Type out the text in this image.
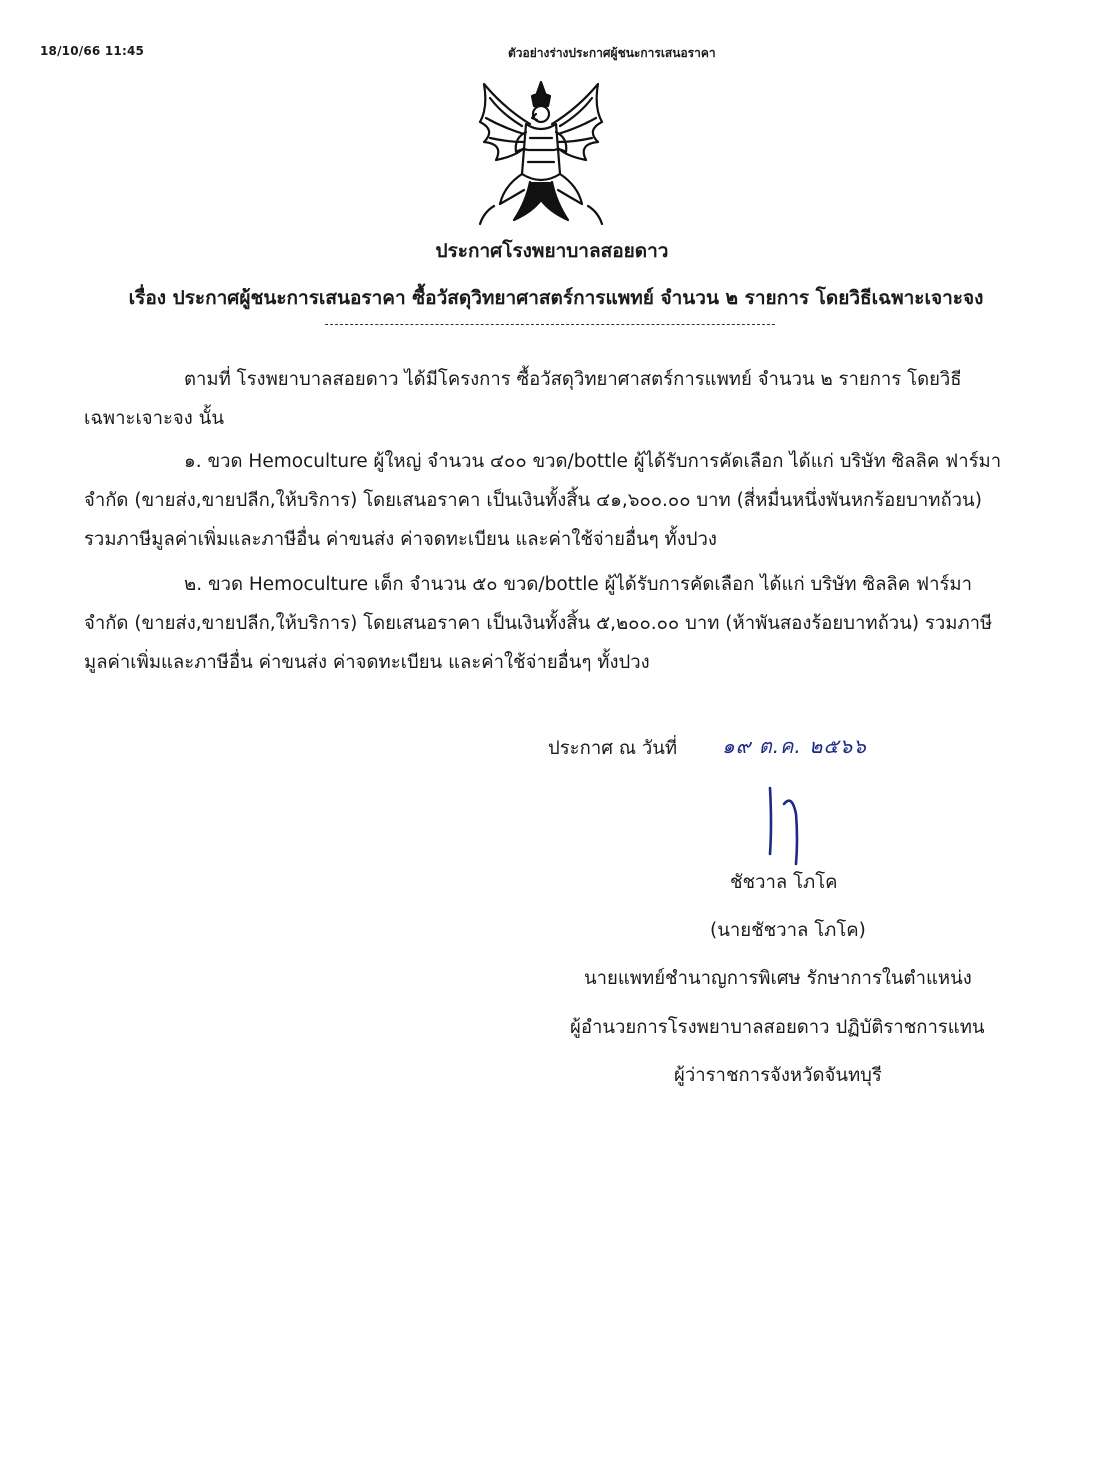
18/10/66 11:45	ตัวอย่างร่างประกาศผู้ชนะการเสนอราคา
ประกาศโรงพยาบาลสอยดาว
เรื่อง ประกาศผู้ชนะการเสนอราคา ซื้อวัสดุวิทยาศาสตร์การแพทย์ จำนวน ๒ รายการ โดยวิธีเฉพาะเจาะจง
ตามที่ โรงพยาบาลสอยดาว ได้มีโครงการ ซื้อวัสดุวิทยาศาสตร์การแพทย์ จำนวน ๒ รายการ โดยวิธีเฉพาะเจาะจง นั้น
๑. ขวด Hemoculture ผู้ใหญ่ จำนวน ๔๐๐ ขวด/bottle ผู้ได้รับการคัดเลือก ได้แก่ บริษัท ซิลลิค ฟาร์มา จำกัด (ขายส่ง,ขายปลีก,ให้บริการ) โดยเสนอราคา เป็นเงินทั้งสิ้น ๔๑,๖๐๐.๐๐ บาท (สี่หมื่นหนึ่งพันหกร้อยบาทถ้วน) รวมภาษีมูลค่าเพิ่มและภาษีอื่น ค่าขนส่ง ค่าจดทะเบียน และค่าใช้จ่ายอื่นๆ ทั้งปวง
๒. ขวด Hemoculture เด็ก จำนวน ๕๐ ขวด/bottle ผู้ได้รับการคัดเลือก ได้แก่ บริษัท ซิลลิค ฟาร์มา จำกัด (ขายส่ง,ขายปลีก,ให้บริการ) โดยเสนอราคา เป็นเงินทั้งสิ้น ๕,๒๐๐.๐๐ บาท (ห้าพันสองร้อยบาทถ้วน) รวมภาษีมูลค่าเพิ่มและภาษีอื่น ค่าขนส่ง ค่าจดทะเบียน และค่าใช้จ่ายอื่นๆ ทั้งปวง
ประกาศ ณ วันที่ ๑๙ ต.ค. ๒๕๖๖
ชัชวาล โภโค
(นายชัชวาล โภโค)
นายแพทย์ชำนาญการพิเศษ รักษาการในตำแหน่ง
ผู้อำนวยการโรงพยาบาลสอยดาว ปฏิบัติราชการแทน
ผู้ว่าราชการจังหวัดจันทบุรี
